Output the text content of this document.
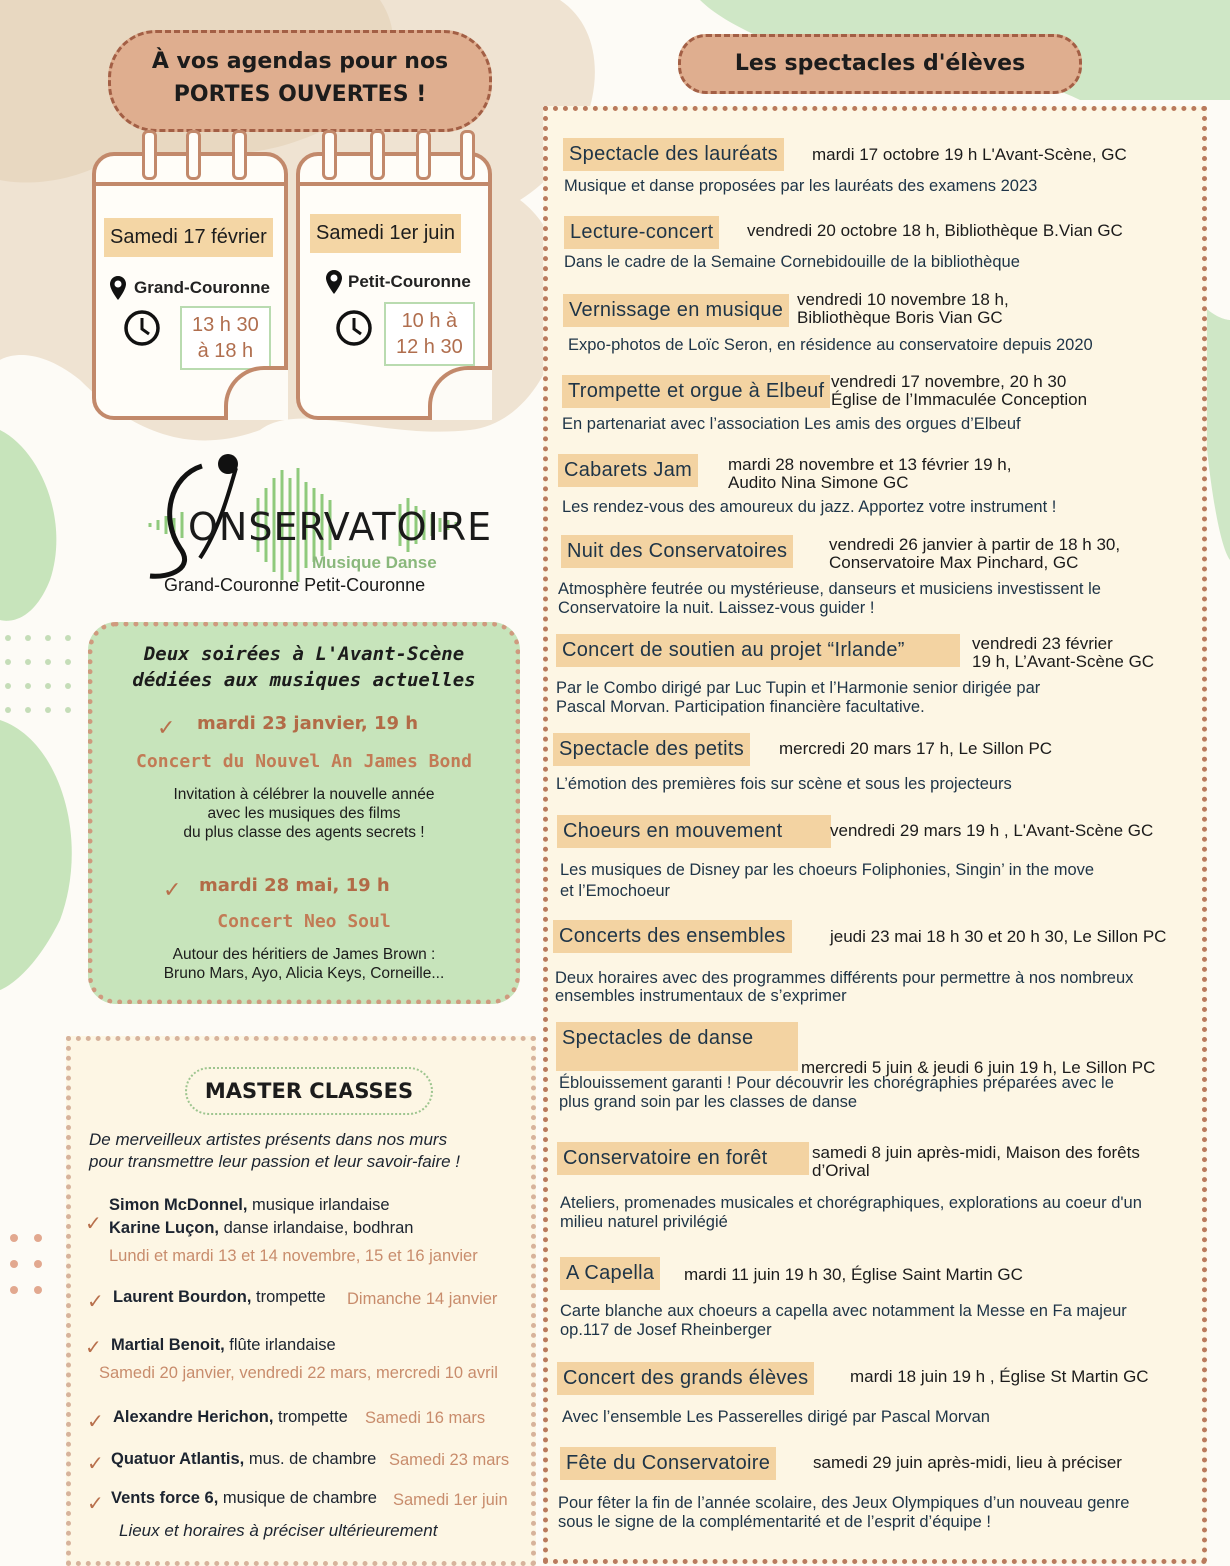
À vos agendas pour nos
PORTES OUVERTES !
Samedi 17 février
Grand-Couronne
13 h 30
à 18 h
Samedi 1er juin
Petit-Couronne
10 h à
12 h 30
ONSERVATOIRE
Musique Danse
Grand-Couronne Petit-Couronne
Deux soirées à L'Avant-Scène
dédiées aux musiques actuelles
✓ mardi 23 janvier, 19 h
Concert du Nouvel An James Bond
Invitation à célébrer la nouvelle année
avec les musiques des films
du plus classe des agents secrets !
✓ mardi 28 mai, 19 h
Concert Neo Soul
Autour des héritiers de James Brown :
Bruno Mars, Ayo, Alicia Keys, Corneille...
MASTER CLASSES
De merveilleux artistes présents dans nos murs
pour transmettre leur passion et leur savoir-faire !
✓
Simon McDonnel, musique irlandaise
Karine Luçon, danse irlandaise, bodhran
Lundi et mardi 13 et 14 novembre, 15 et 16 janvier
✓ Laurent Bourdon, trompette Dimanche 14 janvier
✓ Martial Benoit, flûte irlandaise
Samedi 20 janvier, vendredi 22 mars, mercredi 10 avril
✓ Alexandre Herichon, trompette Samedi 16 mars
✓ Quatuor Atlantis, mus. de chambre Samedi 23 mars
✓ Vents force 6, musique de chambre Samedi 1er juin
Lieux et horaires à préciser ultérieurement
Les spectacles d'élèves
Spectacle des lauréats	mardi 17 octobre 19 h L'Avant-Scène, GC
Musique et danse proposées par les lauréats des examens 2023
Lecture-concert	vendredi 20 octobre 18 h, Bibliothèque B.Vian GC
Dans le cadre de la Semaine Cornebidouille de la bibliothèque
Vernissage en musique vendredi 10 novembre 18 h,
Bibliothèque Boris Vian GC
Expo-photos de Loïc Seron, en résidence au conservatoire depuis 2020
Trompette et orgue à Elbeuf vendredi 17 novembre, 20 h 30
Église de l’Immaculée Conception
En partenariat avec l’association Les amis des orgues d’Elbeuf
Cabarets Jam	mardi 28 novembre et 13 février 19 h,
Audito Nina Simone GC
Les rendez-vous des amoureux du jazz. Apportez votre instrument !
Nuit des Conservatoires	vendredi 26 janvier à partir de 18 h 30,
Conservatoire Max Pinchard, GC
Atmosphère feutrée ou mystérieuse, danseurs et musiciens investissent le
Conservatoire la nuit. Laissez-vous guider !
Concert de soutien au projet “Irlande”	vendredi 23 février
19 h, L’Avant-Scène GC
Par le Combo dirigé par Luc Tupin et l’Harmonie senior dirigée par
Pascal Morvan. Participation financière facultative.
Spectacle des petits	mercredi 20 mars 17 h, Le Sillon PC
L’émotion des premières fois sur scène et sous les projecteurs
Choeurs en mouvement	vendredi 29 mars 19 h , L'Avant-Scène GC
Les musiques de Disney par les choeurs Foliphonies, Singin’ in the move
et l’Emochoeur
Concerts des ensembles	jeudi 23 mai 18 h 30 et 20 h 30, Le Sillon PC
Deux horaires avec des programmes différents pour permettre à nos nombreux
ensembles instrumentaux de s’exprimer
Spectacles de danse
mercredi 5 juin & jeudi 6 juin 19 h, Le Sillon PC
Éblouissement garanti ! Pour découvrir les chorégraphies préparées avec le
plus grand soin par les classes de danse
Conservatoire en forêt	samedi 8 juin après-midi, Maison des forêts
d’Orival
Ateliers, promenades musicales et chorégraphiques, explorations au coeur d'un
milieu naturel privilégié
A Capella	mardi 11 juin 19 h 30, Église Saint Martin GC
Carte blanche aux choeurs a capella avec notamment la Messe en Fa majeur
op.117 de Josef Rheinberger
Concert des grands élèves	mardi 18 juin 19 h , Église St Martin GC
Avec l’ensemble Les Passerelles dirigé par Pascal Morvan
Fête du Conservatoire	samedi 29 juin après-midi, lieu à préciser
Pour fêter la fin de l’année scolaire, des Jeux Olympiques d’un nouveau genre
sous le signe de la complémentarité et de l’esprit d’équipe !
